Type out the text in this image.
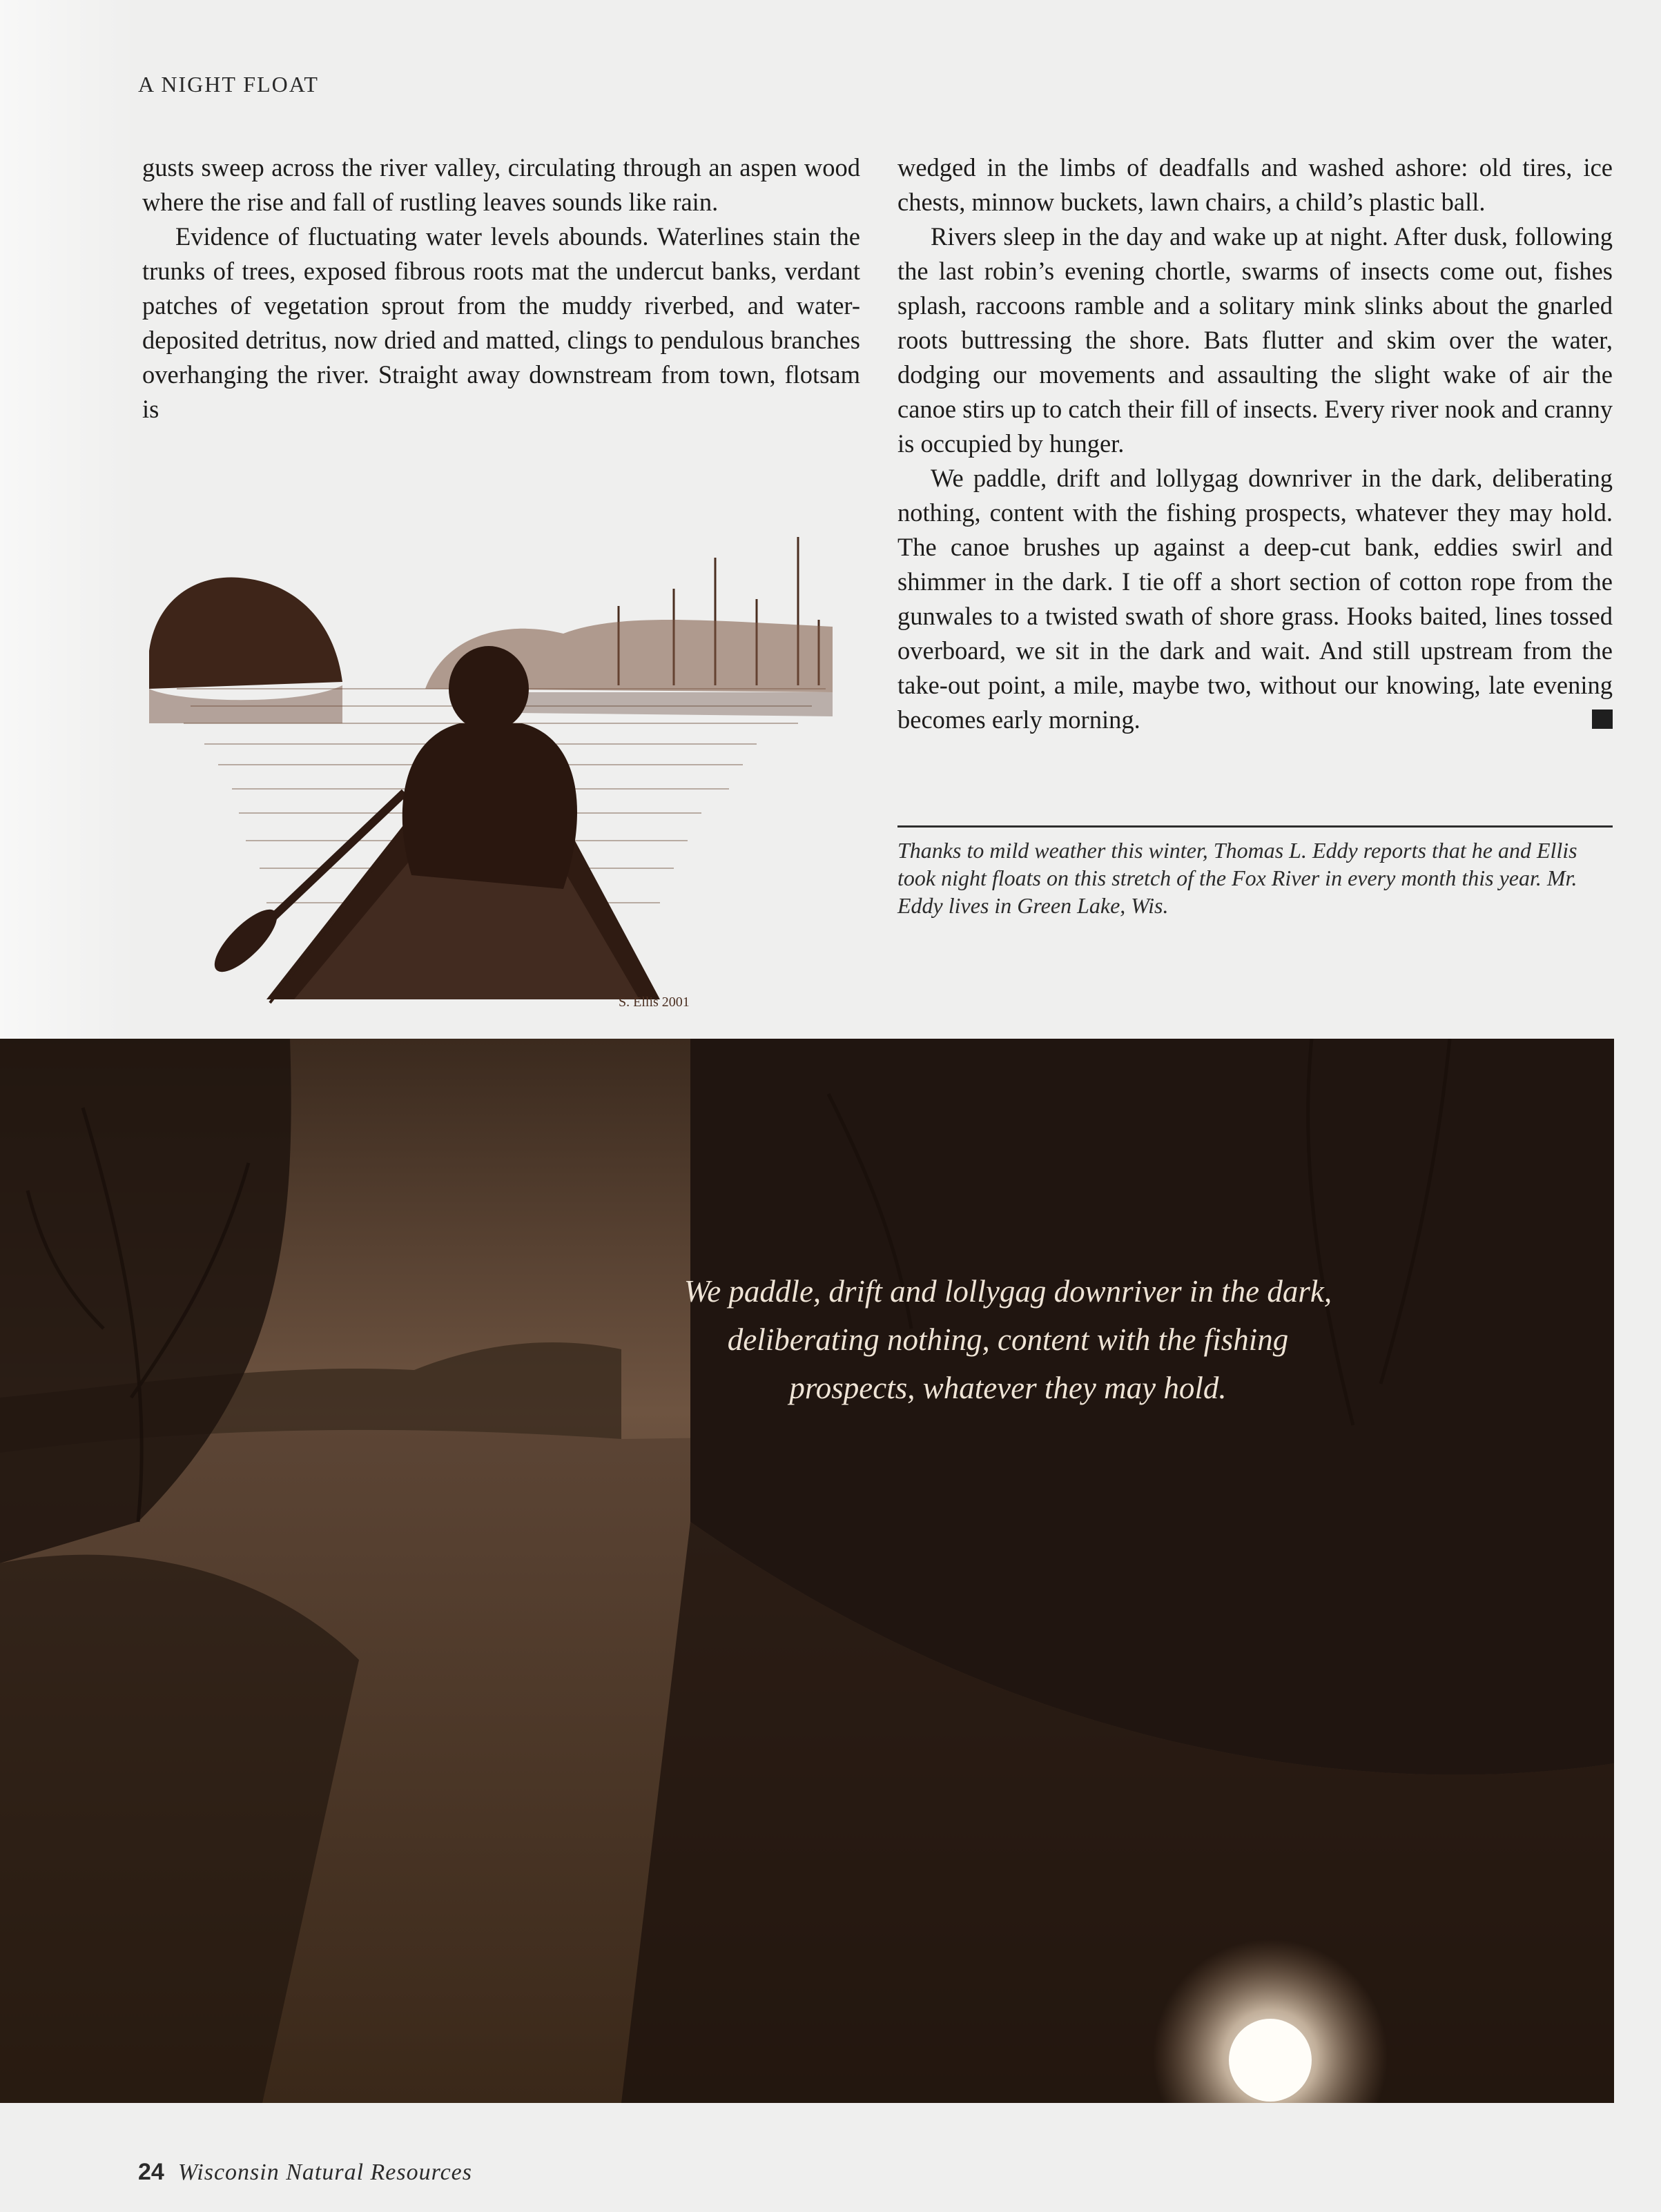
A NIGHT FLOAT

gusts sweep across the river valley, circulating through an aspen wood where the rise and fall of rustling leaves sounds like rain.

Evidence of fluctuating water levels abounds. Waterlines stain the trunks of trees, exposed fibrous roots mat the undercut banks, verdant patches of vegetation sprout from the muddy riverbed, and water-deposited detritus, now dried and matted, clings to pendulous branches overhanging the river. Straight away downstream from town, flotsam is

wedged in the limbs of deadfalls and washed ashore: old tires, ice chests, minnow buckets, lawn chairs, a child’s plastic ball.

Rivers sleep in the day and wake up at night. After dusk, following the last robin’s evening chortle, swarms of insects come out, fishes splash, raccoons ramble and a solitary mink slinks about the gnarled roots buttressing the shore. Bats flutter and skim over the water, dodging our movements and assaulting the slight wake of air the canoe stirs up to catch their fill of insects. Every river nook and cranny is occupied by hunger.

We paddle, drift and lollygag downriver in the dark, deliberating nothing, content with the fishing prospects, whatever they may hold. The canoe brushes up against a deep-cut bank, eddies swirl and shimmer in the dark. I tie off a short section of cotton rope from the gunwales to a twisted swath of shore grass. Hooks baited, lines tossed overboard, we sit in the dark and wait. And still upstream from the take-out point, a mile, maybe two, without our knowing, late evening becomes early morning.	W

Thanks to mild weather this winter, Thomas L. Eddy reports that he and Ellis took night floats on this stretch of the Fox River in every month this year. Mr. Eddy lives in Green Lake, Wis.
S. Ellis 2001
We paddle, drift and lollygag downriver in the dark,
deliberating nothing, content with the fishing
prospects, whatever they may hold.
24 Wisconsin Natural Resources
